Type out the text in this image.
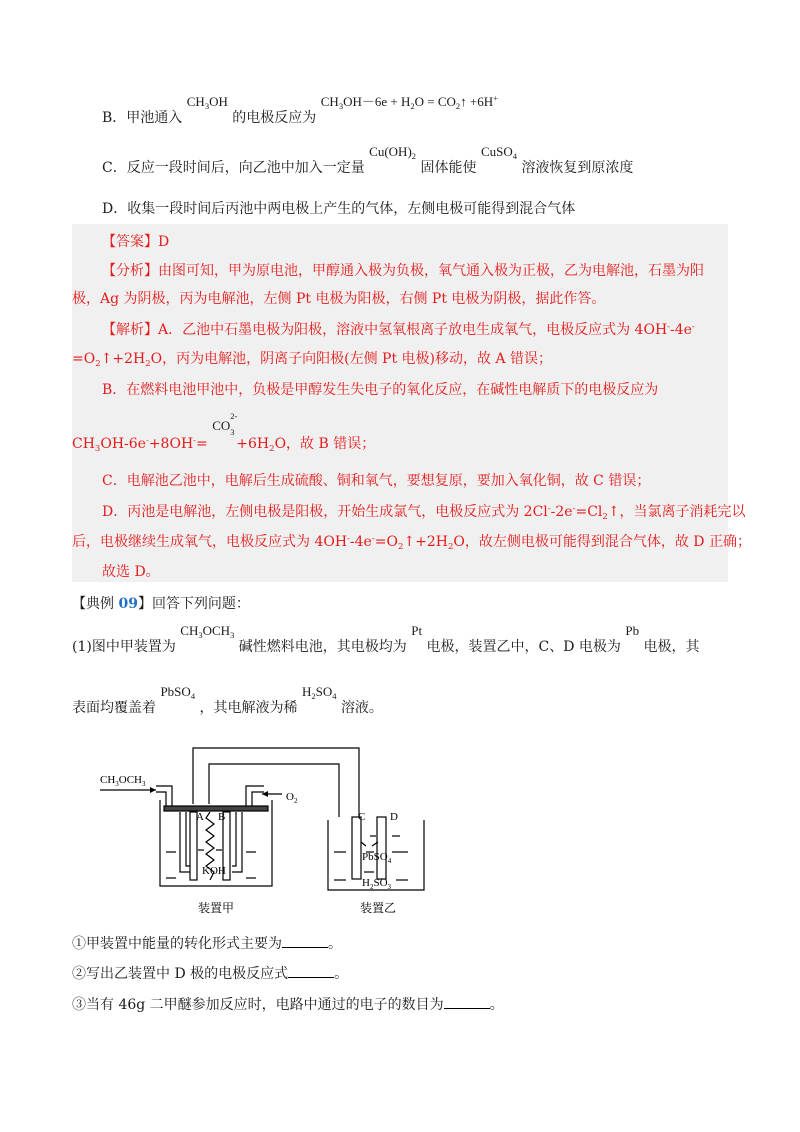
B．甲池通入 $CH_3OH$ 的电极反应为 $CH_3OH-6e + H_2O$ = $CO_2↑ +6H^+$
C．反应一段时间后，向乙池中加入一定量 $Cu(OH)_2$ 固体能使 CuSO$_4$ 溶液恢复到原浓度
D．收集一段时间后丙池中两电极上产生的气体，左侧电极可能得到混合气体
【答案】D
【分析】由图可知，甲为原电池，甲醇通入极为负极，氧气通入极为正极，乙为电解池，石墨为阳
极，Ag 为阴极，丙为电解池，左侧 Pt 电极为阳极，右侧 Pt 电极为阴极，据此作答。
【解析】A．乙池中石墨电极为阳极，溶液中氢氧根离子放电生成氧气，电极反应式为 4OH--4e-
$=O_2↑+2H_2O$，丙为电解池，阴离子向阳极(左侧 Pt 电极)移动，故 A 错误；
B．在燃料电池甲池中，负极是甲醇发生失电子的氧化反应，在碱性电解质下的电极反应为
$CH_3OH-6e^-+8OH^-=$ CO
2-
3
$+6H_2O$，故 B 错误；
C．电解池乙池中，电解后生成硫酸、铜和氧气，要想复原，要加入氧化铜，故 C 错误；
D．丙池是电解池，左侧电极是阳极，开始生成氯气，电极反应式为 $2Cl^--2e^-=Cl_2↑$，当氯离子消耗完以
后，电极继续生成氧气，电极反应式为 $4OH^--4e^-=O_2↑+2H_2O$，故左侧电极可能得到混合气体，故 D 正确；
故选 D。
【典例 09】回答下列问题：
(1)图中甲装置为 $CH_3OCH_3$ 碱性燃料电池，其电极均为 Pt 电极，装置乙中，C、D 电极为 Pb 电极，其
表面均覆盖着 PbSO$_4$ ，其电解液为稀 $H_2SO_4$ 溶液。
$CH_3OCH_3$
$O_2$
A B
KOH
C D
PbSO$_4$
$H_2SO_3$
装置甲	装置乙
①甲装置中能量的转化形式主要为	。
②写出乙装置中 D 极的电极反应式	。
③当有 46g 二甲醚参加反应时，电路中通过的电子的数目为	。
